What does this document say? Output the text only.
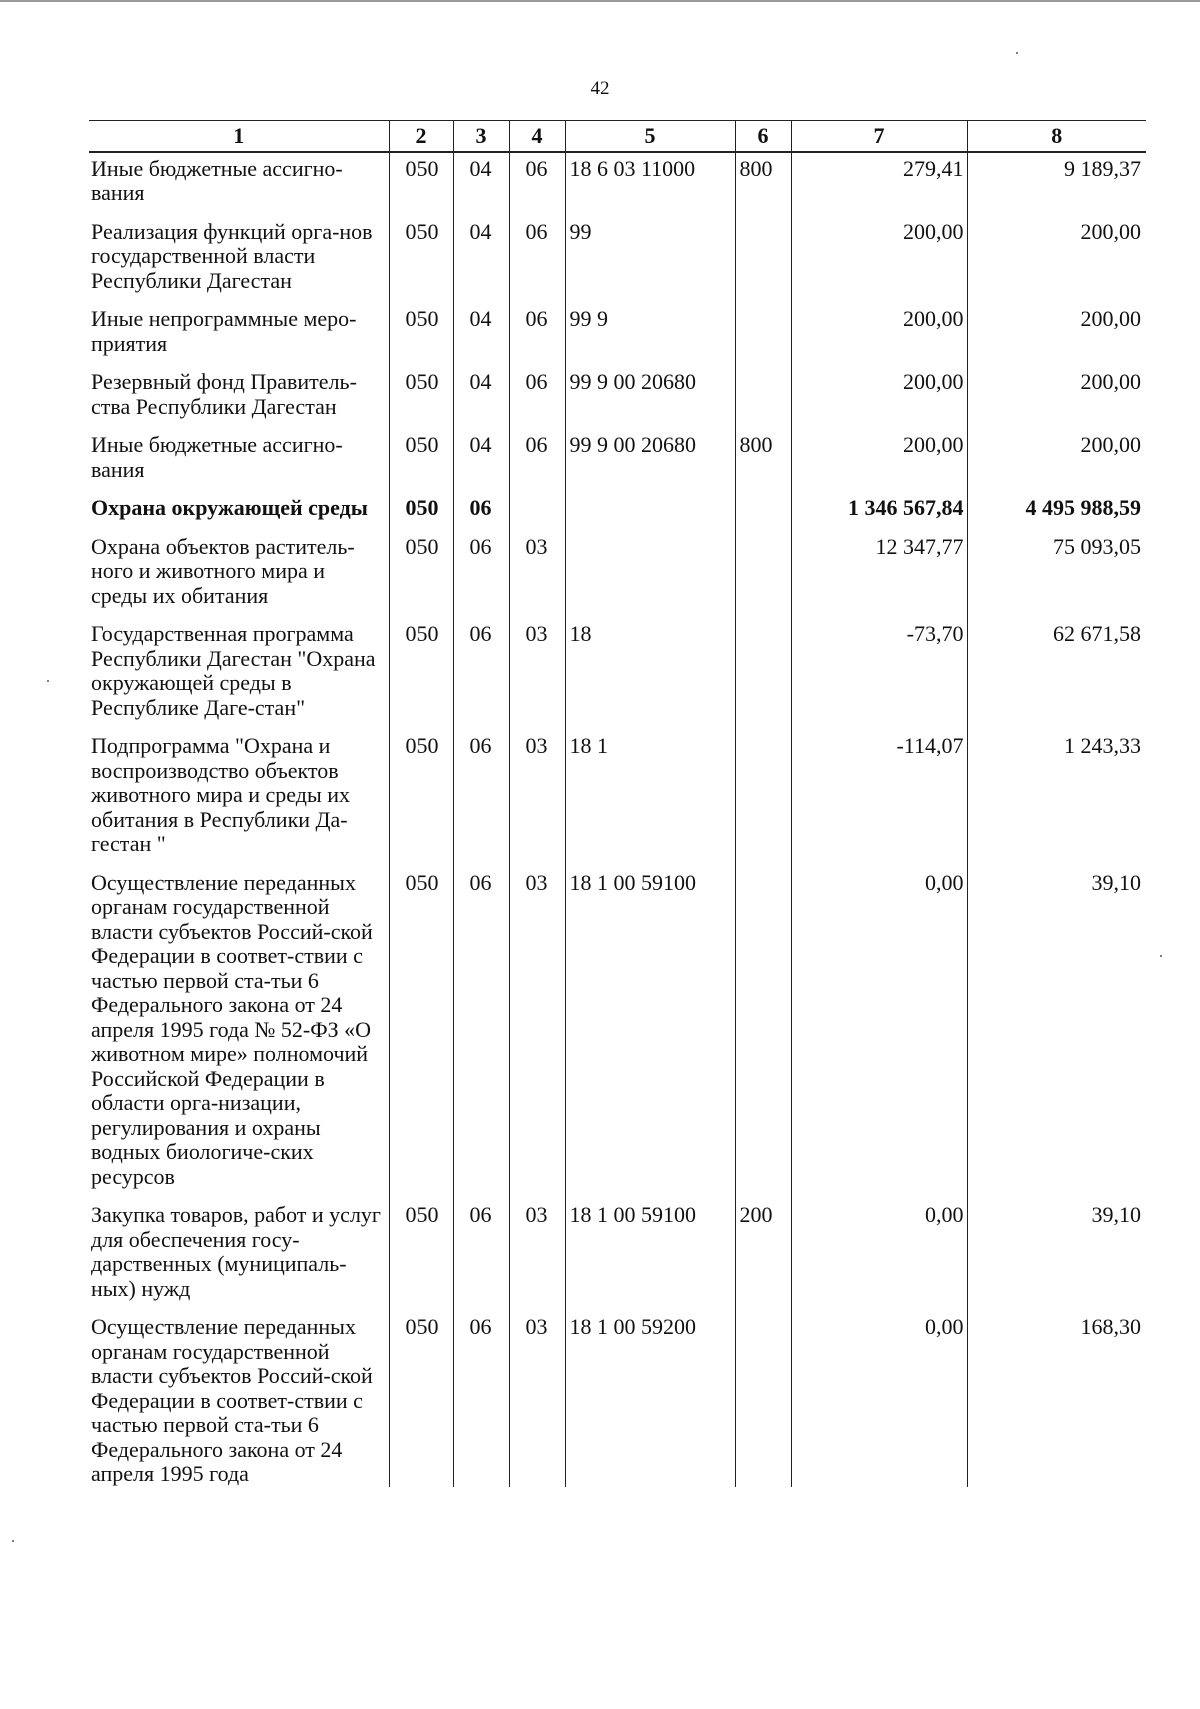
42
1	2	3	4	5	6	7	8
Иные бюджетные ассигно-вания	050	04	06	18 6 03 11000	800	279,41	9 189,37
Реализация функций орга-нов государственной власти Республики Дагестан	050	04	06	99		200,00	200,00
Иные непрограммные меро-приятия	050	04	06	99 9		200,00	200,00
Резервный фонд Правитель-ства Республики Дагестан	050	04	06	99 9 00 20680		200,00	200,00
Иные бюджетные ассигно-вания	050	04	06	99 9 00 20680	800	200,00	200,00
Охрана окружающей среды	050	06				1 346 567,84	4 495 988,59
Охрана объектов раститель-ного и животного мира и среды их обитания	050	06	03			12 347,77	75 093,05
Государственная программа Республики Дагестан "Охрана окружающей среды в Республике Даге-стан"	050	06	03	18		-73,70	62 671,58
Подпрограмма "Охрана и воспроизводство объектов животного мира и среды их обитания в Республики Да-гестан "	050	06	03	18 1		-114,07	1 243,33
Осуществление переданных органам государственной власти субъектов Россий-ской Федерации в соответ-ствии с частью первой ста-тьи 6 Федерального закона от 24 апреля 1995 года № 52-ФЗ «О животном мире» полномочий Российской Федерации в области орга-низации, регулирования и охраны водных биологиче-ских ресурсов	050	06	03	18 1 00 59100		0,00	39,10
Закупка товаров, работ и услуг для обеспечения госу-дарственных (муниципаль-ных) нужд	050	06	03	18 1 00 59100	200	0,00	39,10
Осуществление переданных органам государственной власти субъектов Россий-ской Федерации в соответ-ствии с частью первой ста-тьи 6 Федерального закона от 24 апреля 1995 года	050	06	03	18 1 00 59200		0,00	168,30
